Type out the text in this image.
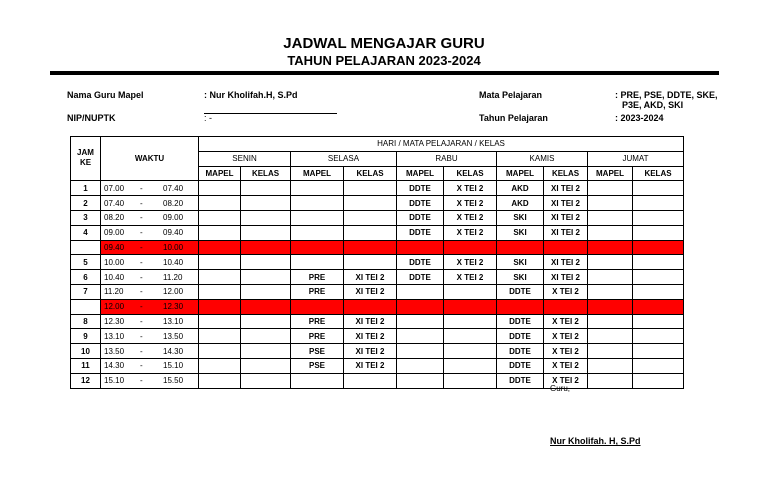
JADWAL MENGAJAR GURU
TAHUN PELAJARAN 2023-2024
Nama Guru Mapel	: Nur Kholifah.H, S.Pd
NIP/NUPTK	: -
Mata Pelajaran	: PRE, PSE, DDTE, SKE,
P3E, AKD, SKI
Tahun Pelajaran	: 2023-2024
JAM KE	WAKTU	HARI / MATA PELAJARAN / KELAS									
		SENIN		SELASA		RABU		KAMIS		JUMAT	
		MAPEL	KELAS	MAPEL	KELAS	MAPEL	KELAS	MAPEL	KELAS	MAPEL	KELAS
1	07.00 - 07.40					DDTE	X TEI 2	AKD	XI TEI 2		
2	07.40 - 08.20					DDTE	X TEI 2	AKD	XI TEI 2		
3	08.20 - 09.00					DDTE	X TEI 2	SKI	XI TEI 2		
4	09.00 - 09.40					DDTE	X TEI 2	SKI	XI TEI 2		
	09.40 - 10.00										
5	10.00 - 10.40					DDTE	X TEI 2	SKI	XI TEI 2		
6	10.40 - 11.20			PRE	XI TEI 2	DDTE	X TEI 2	SKI	XI TEI 2		
7	11.20 - 12.00			PRE	XI TEI 2			DDTE	X TEI 2		
	12.00 - 12.30										
8	12.30 - 13.10			PRE	XI TEI 2			DDTE	X TEI 2		
9	13.10 - 13.50			PRE	XI TEI 2			DDTE	X TEI 2		
10	13.50 - 14.30			PSE	XI TEI 2			DDTE	X TEI 2		
11	14.30 - 15.10			PSE	XI TEI 2			DDTE	X TEI 2		
12	15.10 - 15.50							DDTE	X TEI 2		
Guru,
Nur Kholifah. H, S.Pd
